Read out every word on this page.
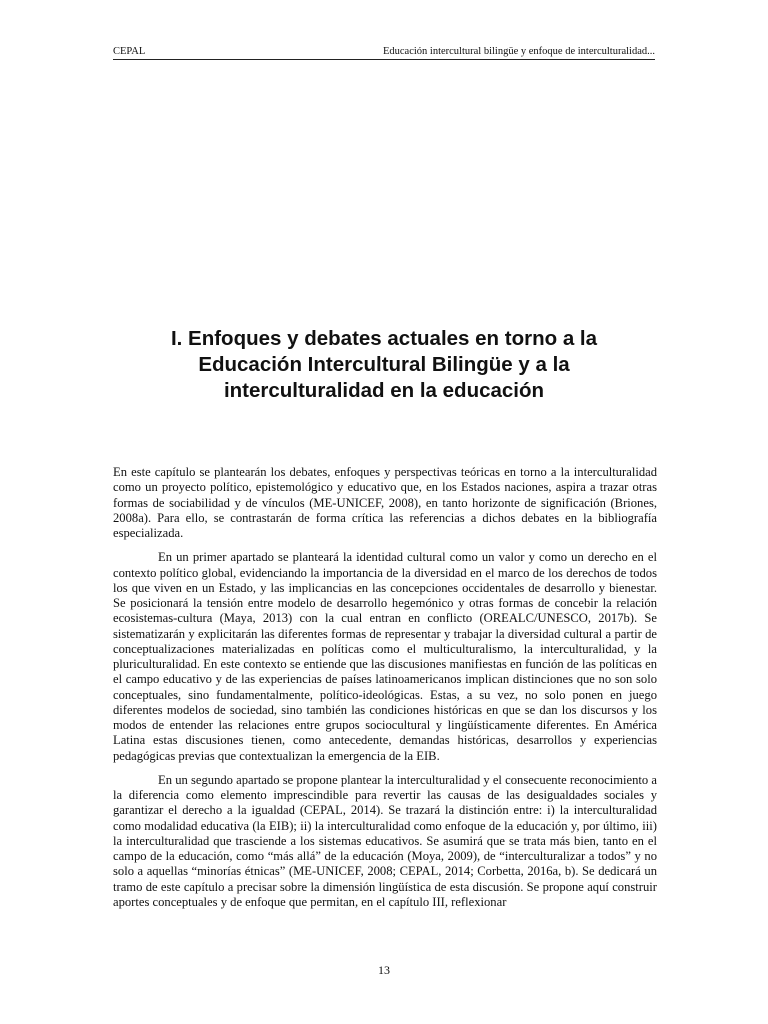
CEPAL	Educación intercultural bilingüe y enfoque de interculturalidad...
I. Enfoques y debates actuales en torno a la
Educación Intercultural Bilingüe y a la
interculturalidad en la educación

En este capítulo se plantearán los debates, enfoques y perspectivas teóricas en torno a la interculturalidad como un proyecto político, epistemológico y educativo que, en los Estados naciones, aspira a trazar otras formas de sociabilidad y de vínculos (ME-UNICEF, 2008), en tanto horizonte de significación (Briones, 2008a). Para ello, se contrastarán de forma crítica las referencias a dichos debates en la bibliografía especializada.

En un primer apartado se planteará la identidad cultural como un valor y como un derecho en el contexto político global, evidenciando la importancia de la diversidad en el marco de los derechos de todos los que viven en un Estado, y las implicancias en las concepciones occidentales de desarrollo y bienestar. Se posicionará la tensión entre modelo de desarrollo hegemónico y otras formas de concebir la relación ecosistemas-cultura (Maya, 2013) con la cual entran en conflicto (OREALC/UNESCO, 2017b). Se sistematizarán y explicitarán las diferentes formas de representar y trabajar la diversidad cultural a partir de conceptualizaciones materializadas en políticas como el multiculturalismo, la interculturalidad, y la pluriculturalidad. En este contexto se entiende que las discusiones manifiestas en función de las políticas en el campo educativo y de las experiencias de países latinoamericanos implican distinciones que no son solo conceptuales, sino fundamentalmente, político-ideológicas. Estas, a su vez, no solo ponen en juego diferentes modelos de sociedad, sino también las condiciones históricas en que se dan los discursos y los modos de entender las relaciones entre grupos sociocultural y lingüísticamente diferentes. En América Latina estas discusiones tienen, como antecedente, demandas históricas, desarrollos y experiencias pedagógicas previas que contextualizan la emergencia de la EIB.

En un segundo apartado se propone plantear la interculturalidad y el consecuente reconocimiento a la diferencia como elemento imprescindible para revertir las causas de las desigualdades sociales y garantizar el derecho a la igualdad (CEPAL, 2014). Se trazará la distinción entre: i) la interculturalidad como modalidad educativa (la EIB); ii) la interculturalidad como enfoque de la educación y, por último, iii) la interculturalidad que trasciende a los sistemas educativos. Se asumirá que se trata más bien, tanto en el campo de la educación, como “más allá” de la educación (Moya, 2009), de “interculturalizar a todos” y no solo a aquellas “minorías étnicas” (ME-UNICEF, 2008; CEPAL, 2014; Corbetta, 2016a, b). Se dedicará un tramo de este capítulo a precisar sobre la dimensión lingüística de esta discusión. Se propone aquí construir aportes conceptuales y de enfoque que permitan, en el capítulo III, reflexionar

13
